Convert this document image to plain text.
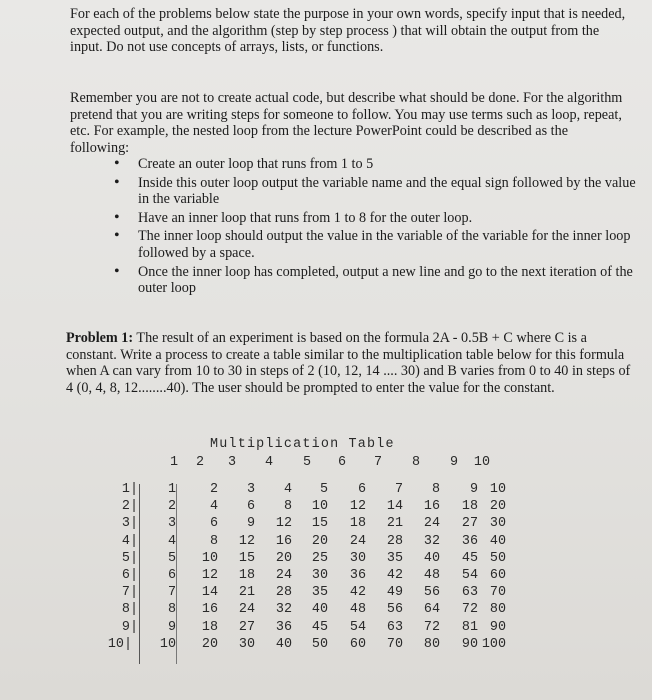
For each of the problems below state the purpose in your own words, specify input that is needed, expected output, and the algorithm (step by step process ) that will obtain the output from the input. Do not use concepts of arrays, lists, or functions.

Remember you are not to create actual code, but describe what should be done. For the algorithm pretend that you are writing steps for someone to follow. You may use terms such as loop, repeat, etc. For example, the nested loop from the lecture PowerPoint could be described as the following:

• Create an outer loop that runs from 1 to 5
• Inside this outer loop output the variable name and the equal sign followed by the value in the variable
• Have an inner loop that runs from 1 to 8 for the outer loop.
• The inner loop should output the value in the variable of the variable for the inner loop followed by a space.
• Once the inner loop has completed, output a new line and go to the next iteration of the outer loop

Problem 1: The result of an experiment is based on the formula 2A - 0.5B + C where C is a constant. Write a process to create a table similar to the multiplication table below for this formula when A can vary from 10 to 30 in steps of 2 (10, 12, 14 .... 30) and B varies from 0 to 40 in steps of 4 (0, 4, 8, 12........40). The user should be prompted to enter the value for the constant.

Multiplication Table
1	2	3	4	5	6	7	8	9	10
1|	1	2	3	4	5	6	7	8	9 10
2|	2	4	6	8	10	12	14	16	18 20
3|	3	6	9	12	15	18	21	24	27 30
4|	4	8	12	16	20	24	28	32	36 40
5|	5	10	15	20	25	30	35	40	45 50
6|	6	12	18	24	30	36	42	48	54 60
7|	7	14	21	28	35	42	49	56	63 70
8|	8	16	24	32	40	48	56	64	72 80
9|	9	18	27	36	45	54	63	72	81 90
10|	10	20	30	40	50	60	70	80	90 100
